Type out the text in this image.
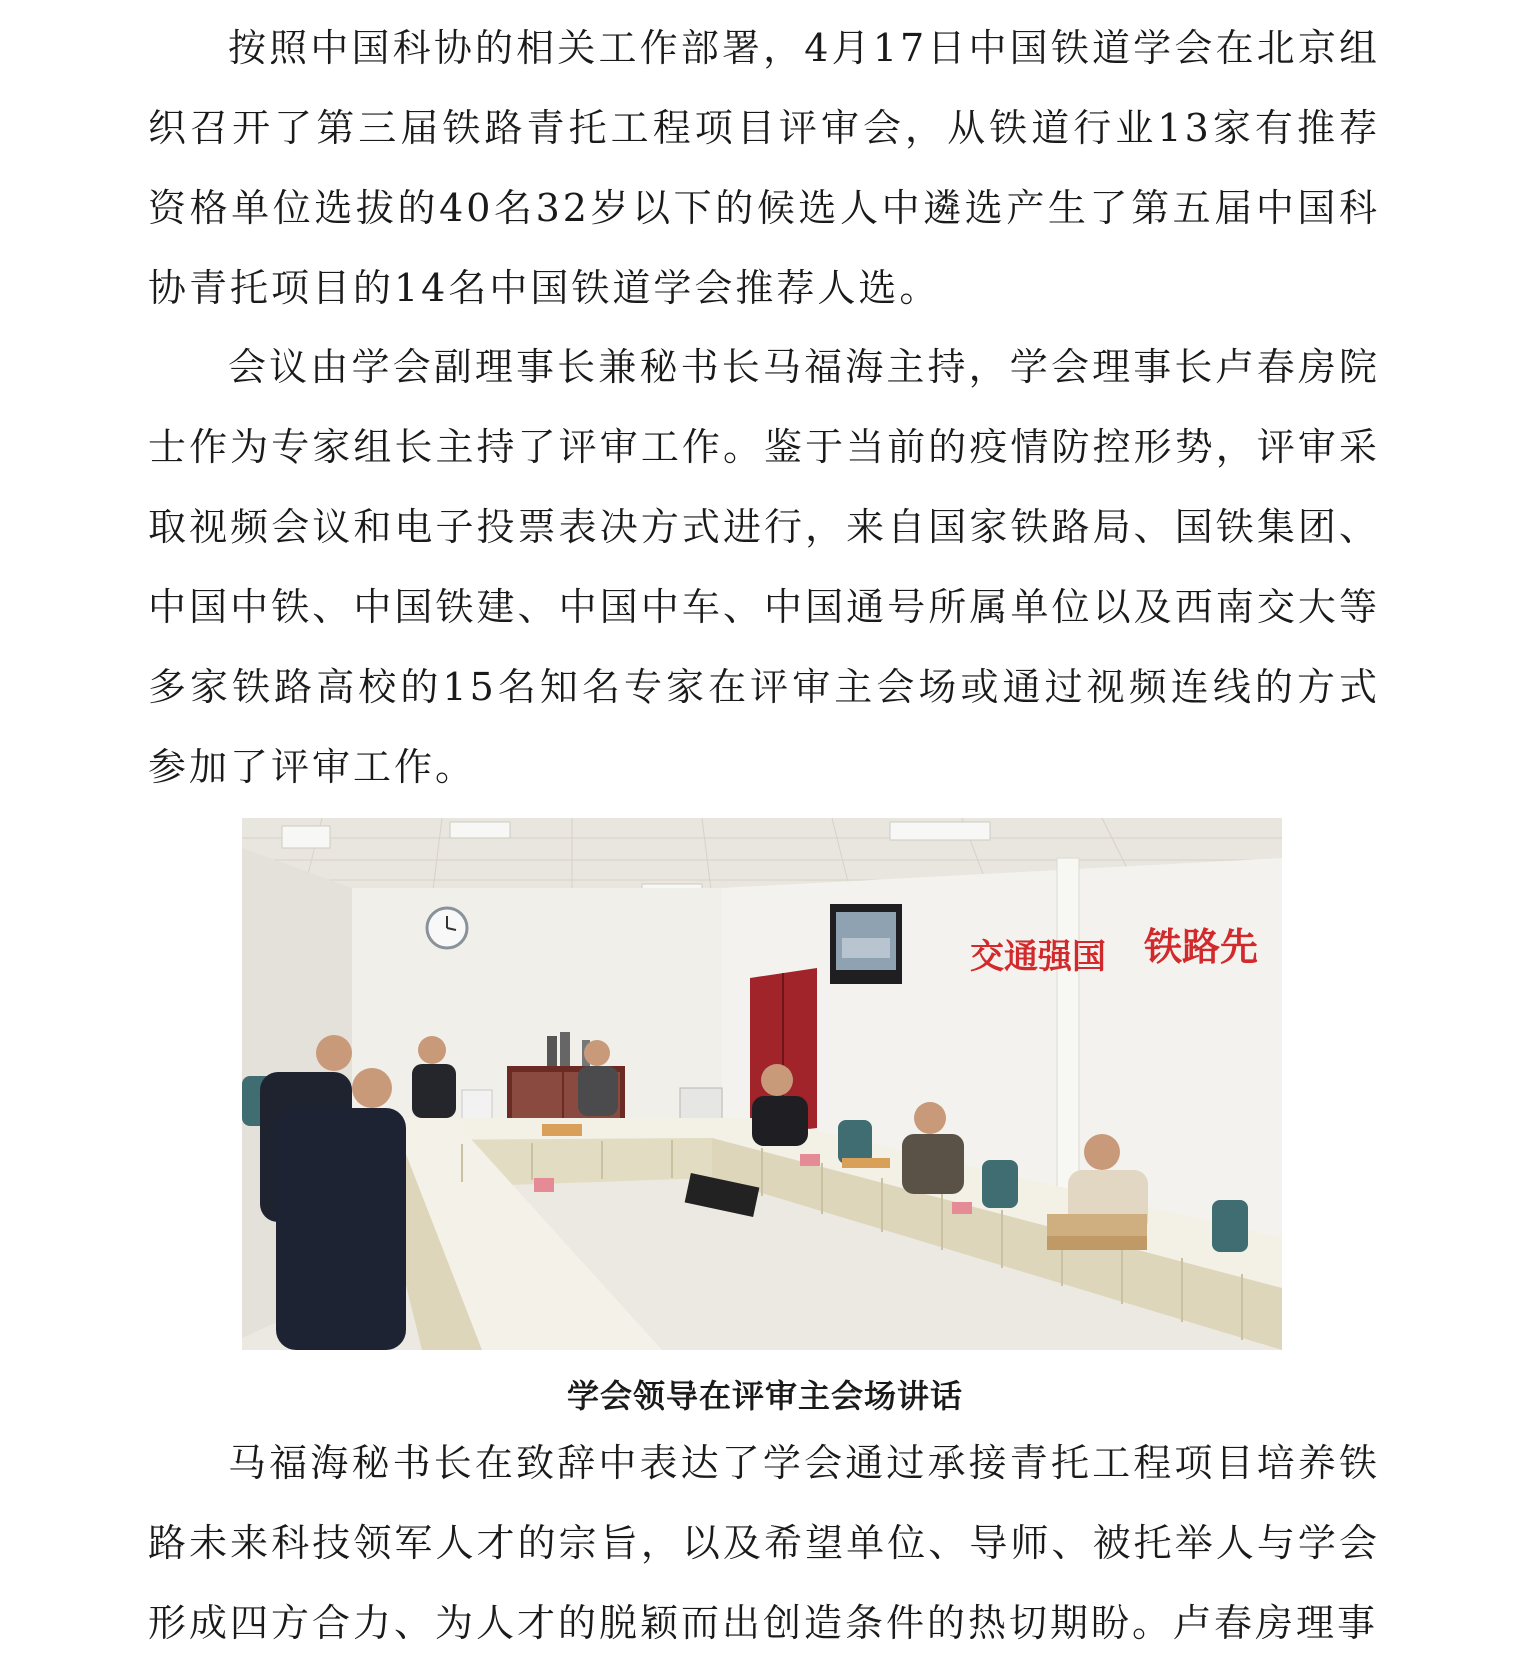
按照中国科协的相关工作部署，4月17日中国铁道学会在北京组织召开了第三届铁路青托工程项目评审会，从铁道行业13家有推荐资格单位选拔的40名32岁以下的候选人中遴选产生了第五届中国科协青托项目的14名中国铁道学会推荐人选。

会议由学会副理事长兼秘书长马福海主持，学会理事长卢春房院士作为专家组长主持了评审工作。鉴于当前的疫情防控形势，评审采取视频会议和电子投票表决方式进行，来自国家铁路局、国铁集团、中国中铁、中国铁建、中国中车、中国通号所属单位以及西南交大等多家铁路高校的15名知名专家在评审主会场或通过视频连线的方式参加了评审工作。

交通强国 铁路先
学会领导在评审主会场讲话

马福海秘书长在致辞中表达了学会通过承接青托工程项目培养铁路未来科技领军人才的宗旨，以及希望单位、导师、被托举人与学会形成四方合力、为人才的脱颖而出创造条件的热切期盼。卢春房理事
